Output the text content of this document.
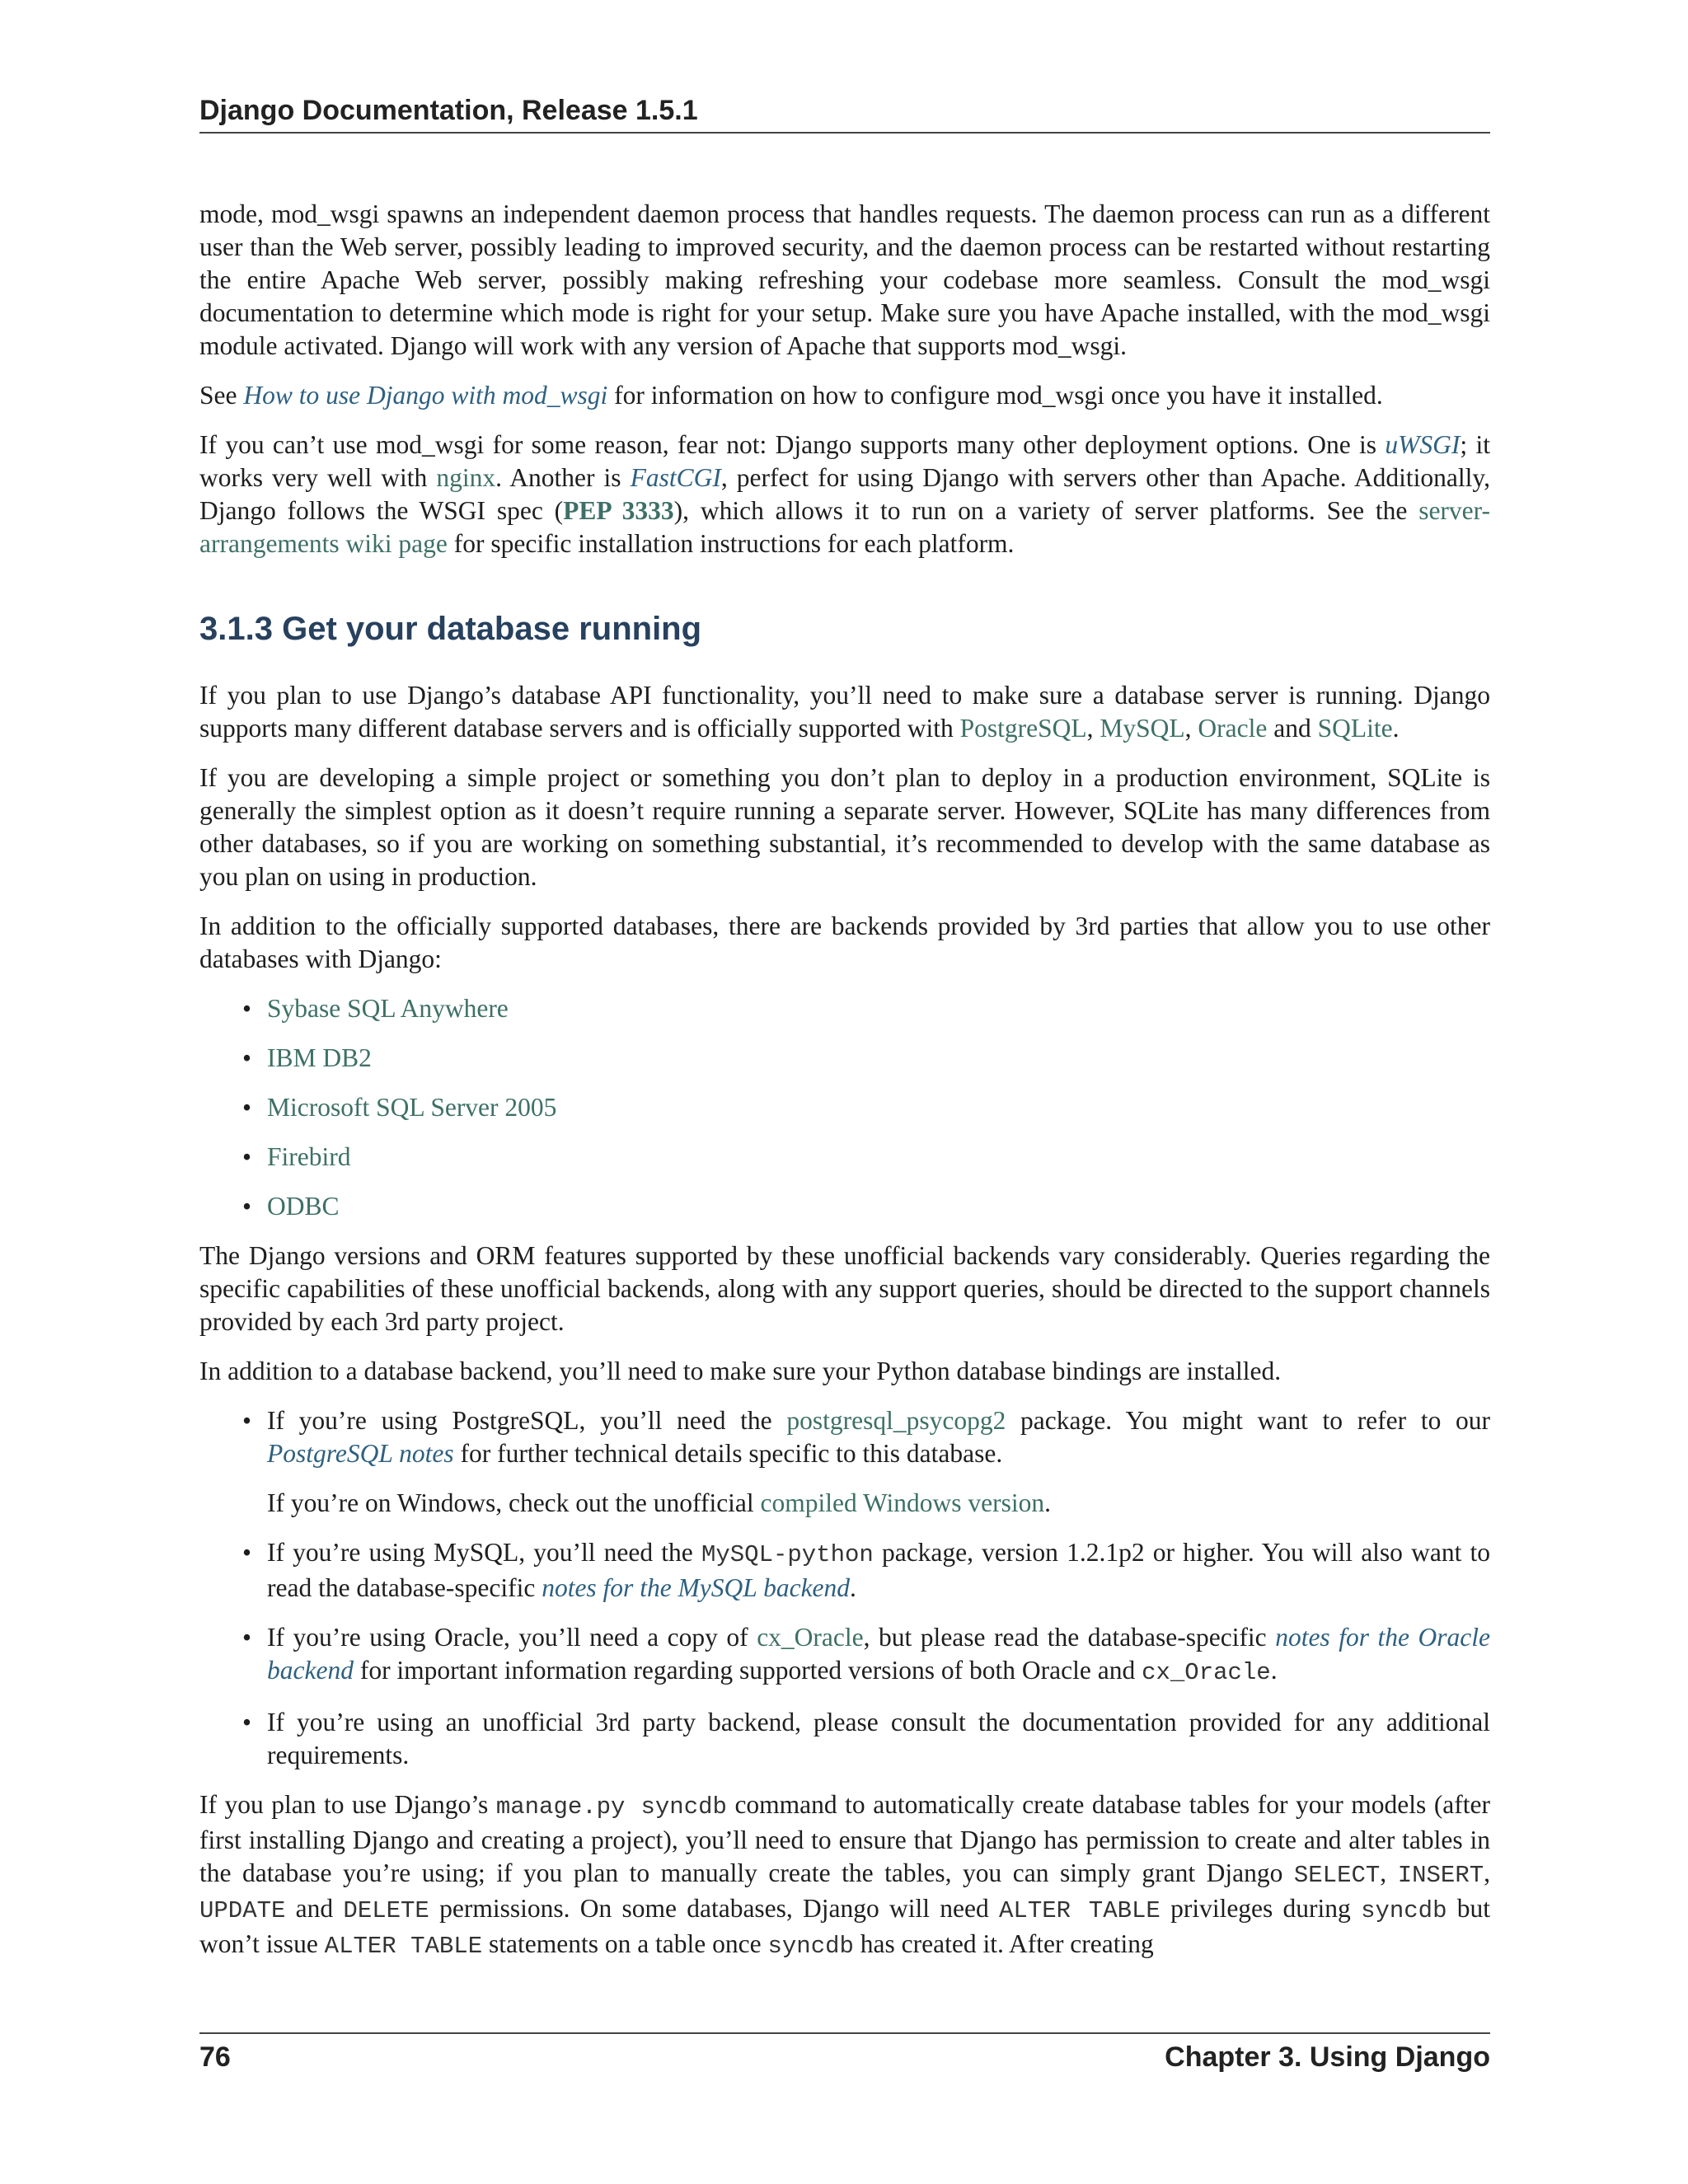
Django Documentation, Release 1.5.1

mode, mod_wsgi spawns an independent daemon process that handles requests. The daemon process can run as a different user than the Web server, possibly leading to improved security, and the daemon process can be restarted without restarting the entire Apache Web server, possibly making refreshing your codebase more seamless. Consult the mod_wsgi documentation to determine which mode is right for your setup. Make sure you have Apache installed, with the mod_wsgi module activated. Django will work with any version of Apache that supports mod_wsgi.

See How to use Django with mod_wsgi for information on how to configure mod_wsgi once you have it installed.

If you can’t use mod_wsgi for some reason, fear not: Django supports many other deployment options. One is uWSGI; it works very well with nginx. Another is FastCGI, perfect for using Django with servers other than Apache. Additionally, Django follows the WSGI spec (PEP 3333), which allows it to run on a variety of server platforms. See the server-arrangements wiki page for specific installation instructions for each platform.

3.1.3 Get your database running

If you plan to use Django’s database API functionality, you’ll need to make sure a database server is running. Django supports many different database servers and is officially supported with PostgreSQL, MySQL, Oracle and SQLite.

If you are developing a simple project or something you don’t plan to deploy in a production environment, SQLite is generally the simplest option as it doesn’t require running a separate server. However, SQLite has many differences from other databases, so if you are working on something substantial, it’s recommended to develop with the same database as you plan on using in production.

In addition to the officially supported databases, there are backends provided by 3rd parties that allow you to use other databases with Django:

• Sybase SQL Anywhere
• IBM DB2
• Microsoft SQL Server 2005
• Firebird
• ODBC

The Django versions and ORM features supported by these unofficial backends vary considerably. Queries regarding the specific capabilities of these unofficial backends, along with any support queries, should be directed to the support channels provided by each 3rd party project.

In addition to a database backend, you’ll need to make sure your Python database bindings are installed.

• If you’re using PostgreSQL, you’ll need the postgresql_psycopg2 package. You might want to refer to our PostgreSQL notes for further technical details specific to this database.
If you’re on Windows, check out the unofficial compiled Windows version.
• If you’re using MySQL, you’ll need the MySQL-python package, version 1.2.1p2 or higher. You will also want to read the database-specific notes for the MySQL backend.
• If you’re using Oracle, you’ll need a copy of cx_Oracle, but please read the database-specific notes for the Oracle backend for important information regarding supported versions of both Oracle and cx_Oracle.
• If you’re using an unofficial 3rd party backend, please consult the documentation provided for any additional requirements.

If you plan to use Django’s manage.py syncdb command to automatically create database tables for your models (after first installing Django and creating a project), you’ll need to ensure that Django has permission to create and alter tables in the database you’re using; if you plan to manually create the tables, you can simply grant Django SELECT, INSERT, UPDATE and DELETE permissions. On some databases, Django will need ALTER TABLE privileges during syncdb but won’t issue ALTER TABLE statements on a table once syncdb has created it. After creating

76	Chapter 3. Using Django
